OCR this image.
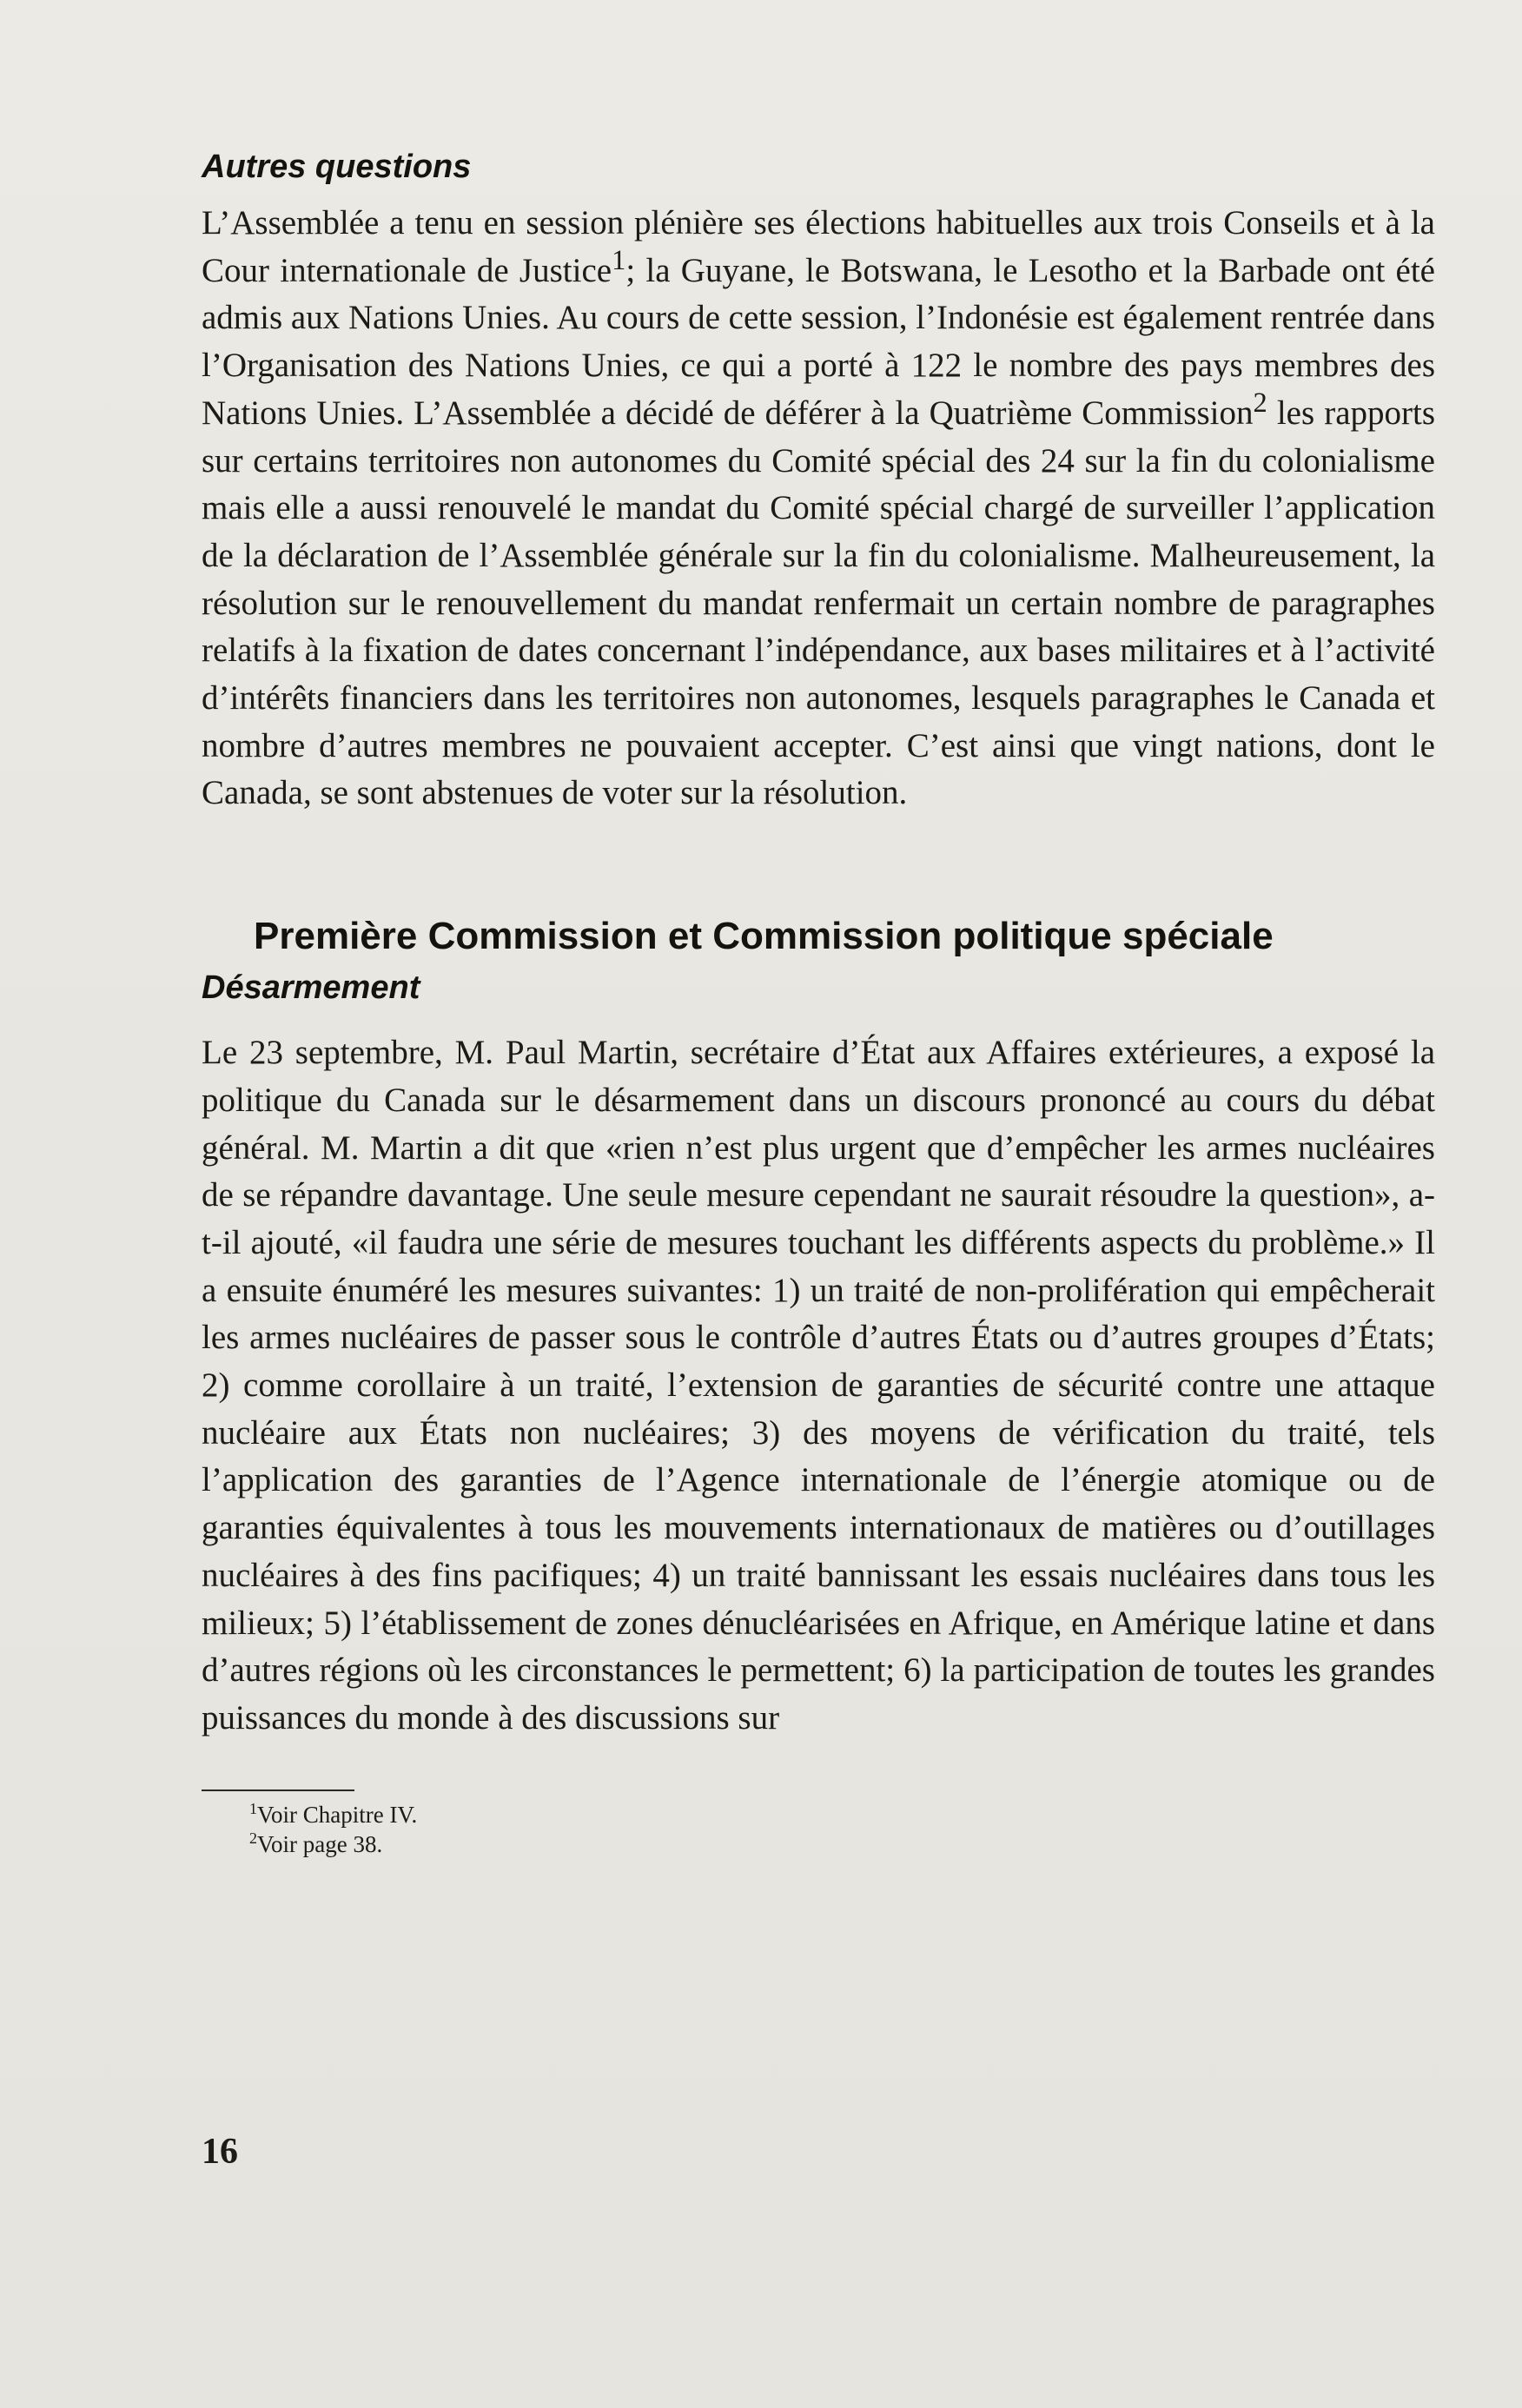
Autres questions

L’Assemblée a tenu en session plénière ses élections habituelles aux trois Conseils et à la Cour internationale de Justice$^1$; la Guyane, le Botswana, le Lesotho et la Barbade ont été admis aux Nations Unies. Au cours de cette session, l’Indonésie est également rentrée dans l’Organisation des Nations Unies, ce qui a porté à 122 le nombre des pays membres des Nations Unies. L’Assemblée a décidé de déférer à la Quatrième Commission$^2$ les rapports sur certains territoires non autonomes du Comité spécial des 24 sur la fin du colonialisme mais elle a aussi renouvelé le mandat du Comité spécial chargé de surveiller l’application de la déclaration de l’Assemblée générale sur la fin du colonialisme. Malheureusement, la résolution sur le renouvellement du mandat renfermait un certain nombre de paragraphes relatifs à la fixation de dates concernant l’indépendance, aux bases militaires et à l’activité d’intérêts financiers dans les territoires non autonomes, lesquels paragraphes le Canada et nombre d’autres membres ne pouvaient accepter. C’est ainsi que vingt nations, dont le Canada, se sont abstenues de voter sur la résolution.

Première Commission et Commission politique spéciale
Désarmement

Le 23 septembre, M. Paul Martin, secrétaire d’État aux Affaires extérieures, a exposé la politique du Canada sur le désarmement dans un discours prononcé au cours du débat général. M. Martin a dit que «rien n’est plus urgent que d’empêcher les armes nucléaires de se répandre davantage. Une seule mesure cependant ne saurait résoudre la question», a-t-il ajouté, «il faudra une série de mesures touchant les différents aspects du problème.» Il a ensuite énuméré les mesures suivantes: 1) un traité de non-prolifération qui empêcherait les armes nucléaires de passer sous le contrôle d’autres États ou d’autres groupes d’États; 2) comme corollaire à un traité, l’extension de garanties de sécurité contre une attaque nucléaire aux États non nucléaires; 3) des moyens de vérification du traité, tels l’application des garanties de l’Agence internationale de l’énergie atomique ou de garanties équivalentes à tous les mouvements internationaux de matières ou d’outillages nucléaires à des fins pacifiques; 4) un traité bannissant les essais nucléaires dans tous les milieux; 5) l’établissement de zones dénucléarisées en Afrique, en Amérique latine et dans d’autres régions où les circonstances le permettent; 6) la participation de toutes les grandes puissances du monde à des discussions sur

$^1$Voir Chapitre IV.

$^2$Voir page 38.

16
